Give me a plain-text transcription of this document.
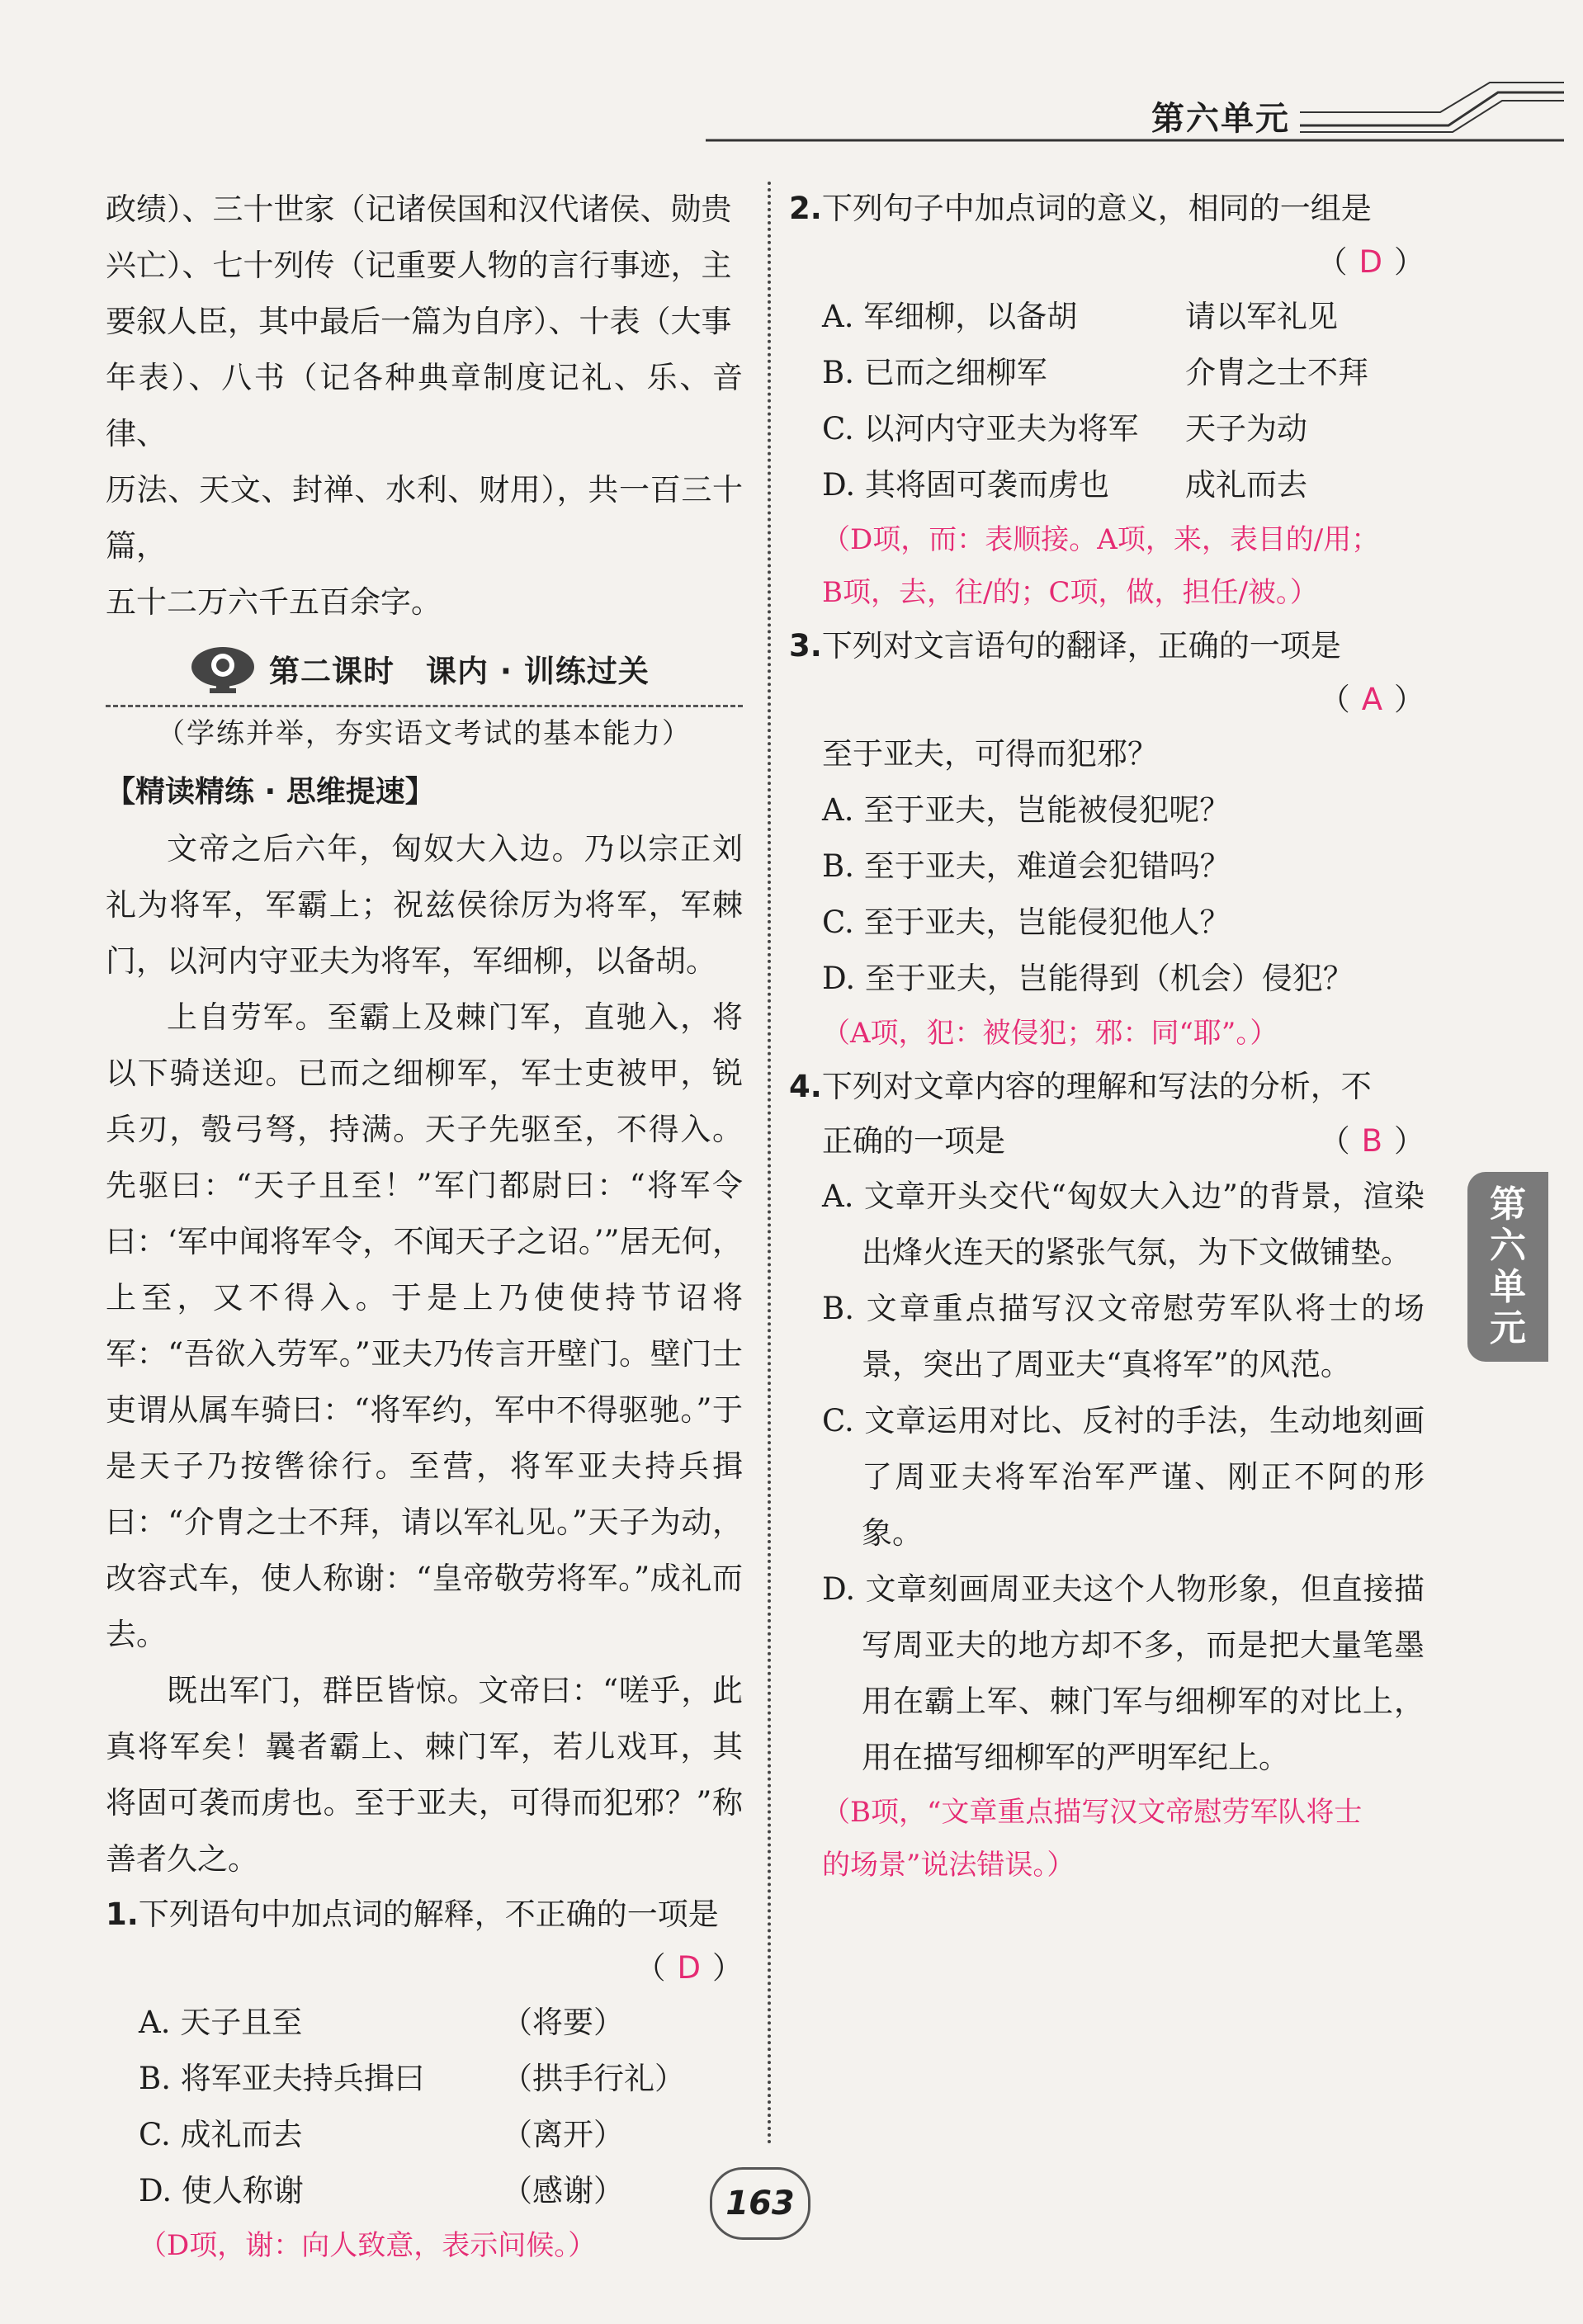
第六单元
第
六
单
元

政绩）、三十世家（记诸侯国和汉代诸侯、勋贵
兴亡）、七十列传（记重要人物的言行事迹，主
要叙人臣，其中最后一篇为自序）、十表（大事
年表）、八书（记各种典章制度记礼、乐、音律、
历法、天文、封禅、水利、财用），共一百三十篇，
五十二万六千五百余字。

第二课时　课内 · 训练过关
（学练并举，夯实语文考试的基本能力）
【精读精练 · 思维提速】

文帝之后六年，匈奴大入边。乃以宗正刘礼为将军，军霸上；祝兹侯徐厉为将军，军棘门，以河内守亚夫为将军，军细柳，以备胡。

上自劳军。至霸上及棘门军，直驰入，将以下骑送迎。已而之细柳军，军士吏被甲，锐兵刃，彀弓弩，持满。天子先驱至，不得入。先驱曰：“天子且至！”军门都尉曰：“将军令曰：‘军中闻将军令，不闻天子之诏。’”居无何，上至，又不得入。于是上乃使使持节诏将军：“吾欲入劳军。”亚夫乃传言开壁门。壁门士吏谓从属车骑曰：“将军约，军中不得驱驰。”于是天子乃按辔徐行。至营，将军亚夫持兵揖曰：“介胄之士不拜，请以军礼见。”天子为动，改容式车，使人称谢：“皇帝敬劳将军。”成礼而去。

既出军门，群臣皆惊。文帝曰：“嗟乎，此真将军矣！曩者霸上、棘门军，若儿戏耳，其将固可袭而虏也。至于亚夫，可得而犯邪？”称善者久之。

1.下列语句中加点词的解释，不正确的一项是

（ D ）
A. 天子且至	（将要）
B. 将军亚夫持兵揖曰	（拱手行礼）
C. 成礼而去	（离开）
D. 使人称谢	（感谢）

（D项，谢：向人致意，表示问候。）

2.下列句子中加点词的意义，相同的一组是

（ D ）
A. 军细柳，以备胡	请以军礼见
B. 已而之细柳军	介胄之士不拜
C. 以河内守亚夫为将军	天子为动
D. 其将固可袭而虏也	成礼而去

（D项，而：表顺接。A项，来，表目的/用；
B项，去，往/的；C项，做，担任/被。）

3.下列对文言语句的翻译，正确的一项是

（ A ）
至于亚夫，可得而犯邪？
A. 至于亚夫，岂能被侵犯呢？
B. 至于亚夫，难道会犯错吗？
C. 至于亚夫，岂能侵犯他人？
D. 至于亚夫，岂能得到（机会）侵犯？

（A项，犯：被侵犯；邪：同“耶”。）

4.下列对文章内容的理解和写法的分析，不

正确的一项是	（ B ）
A. 文章开头交代“匈奴大入边”的背景，渲染出烽火连天的紧张气氛，为下文做铺垫。
B. 文章重点描写汉文帝慰劳军队将士的场景，突出了周亚夫“真将军”的风范。
C. 文章运用对比、反衬的手法，生动地刻画了周亚夫将军治军严谨、刚正不阿的形象。
D. 文章刻画周亚夫这个人物形象，但直接描写周亚夫的地方却不多，而是把大量笔墨用在霸上军、棘门军与细柳军的对比上，用在描写细柳军的严明军纪上。

（B项，“文章重点描写汉文帝慰劳军队将士
的场景”说法错误。）

163
